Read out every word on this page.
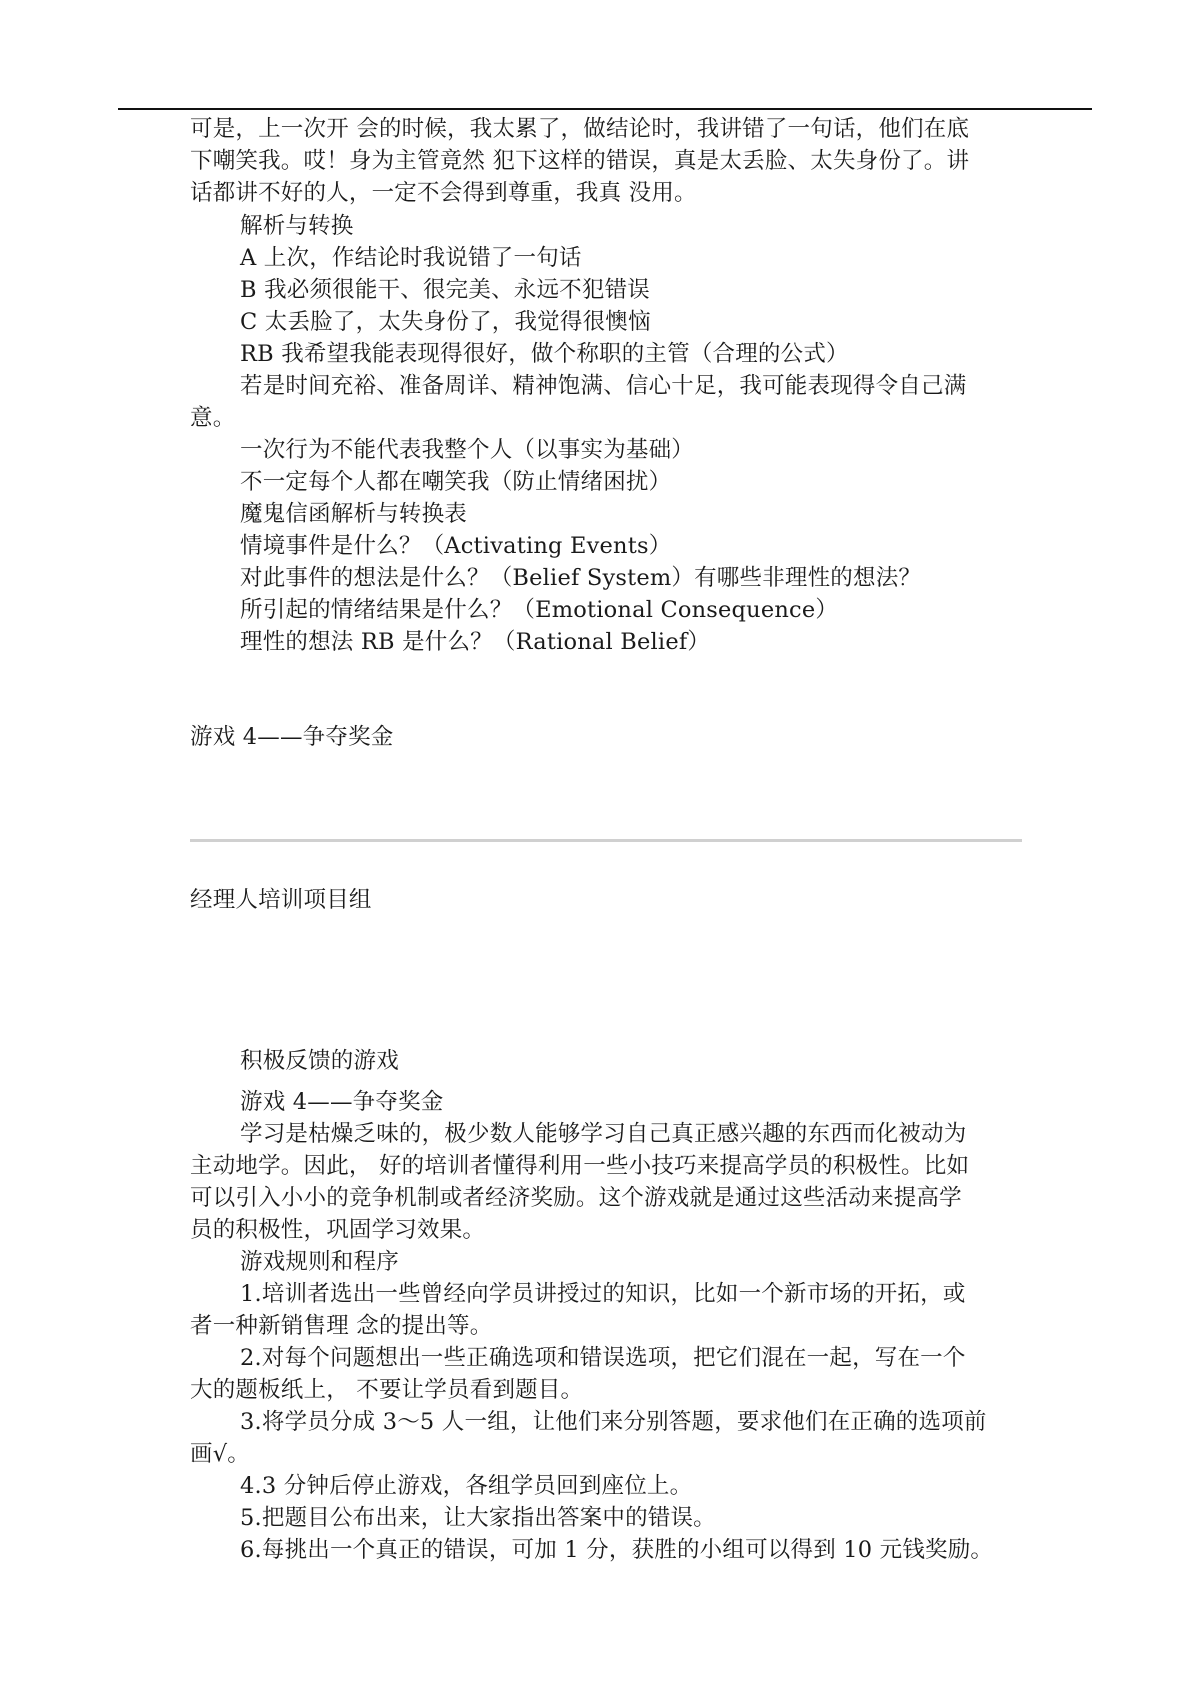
可是，上一次开 会的时候，我太累了，做结论时，我讲错了一句话，他们在底
下嘲笑我。哎！身为主管竟然 犯下这样的错误，真是太丢脸、太失身份了。讲
话都讲不好的人，一定不会得到尊重，我真 没用。
解析与转换
A 上次，作结论时我说错了一句话
B 我必须很能干、很完美、永远不犯错误
C 太丢脸了，太失身份了，我觉得很懊恼
RB 我希望我能表现得很好，做个称职的主管（合理的公式）
若是时间充裕、准备周详、精神饱满、信心十足，我可能表现得令自己满
意。
一次行为不能代表我整个人（以事实为基础）
不一定每个人都在嘲笑我（防止情绪困扰）
魔鬼信函解析与转换表
情境事件是什么？（Activating Events）
对此事件的想法是什么？（Belief System）有哪些非理性的想法？
所引起的情绪结果是什么？（Emotional Consequence）
理性的想法 RB 是什么？（Rational Belief）
游戏 4——争夺奖金
经理人培训项目组
积极反馈的游戏
游戏 4——争夺奖金
学习是枯燥乏味的，极少数人能够学习自己真正感兴趣的东西而化被动为
主动地学。因此， 好的培训者懂得利用一些小技巧来提高学员的积极性。比如
可以引入小小的竞争机制或者经济奖励。这个游戏就是通过这些活动来提高学
员的积极性，巩固学习效果。
游戏规则和程序
1.培训者选出一些曾经向学员讲授过的知识，比如一个新市场的开拓，或
者一种新销售理 念的提出等。
2.对每个问题想出一些正确选项和错误选项，把它们混在一起，写在一个
大的题板纸上， 不要让学员看到题目。
3.将学员分成 3～5 人一组，让他们来分别答题，要求他们在正确的选项前
画√。
4.3 分钟后停止游戏，各组学员回到座位上。
5.把题目公布出来，让大家指出答案中的错误。
6.每挑出一个真正的错误，可加 1 分，获胜的小组可以得到 10 元钱奖励。
